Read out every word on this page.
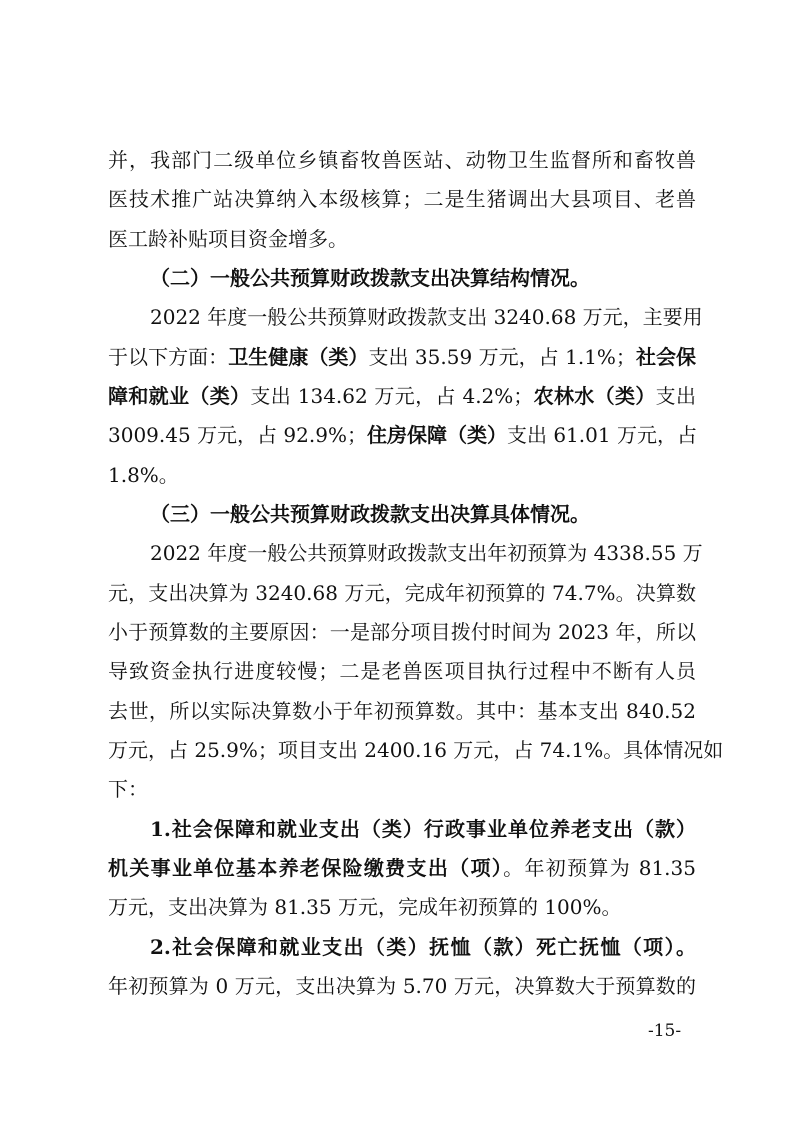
并，我部门二级单位乡镇畜牧兽医站、动物卫生监督所和畜牧兽
医技术推广站决算纳入本级核算；二是生猪调出大县项目、老兽
医工龄补贴项目资金增多。
（二）一般公共预算财政拨款支出决算结构情况。
2022 年度一般公共预算财政拨款支出 3240.68 万元，主要用
于以下方面：卫生健康（类）支出 35.59 万元，占 1.1%；社会保
障和就业（类）支出 134.62 万元，占 4.2%；农林水（类）支出
3009.45 万元，占 92.9%；住房保障（类）支出 61.01 万元，占
1.8%。
（三）一般公共预算财政拨款支出决算具体情况。
2022 年度一般公共预算财政拨款支出年初预算为 4338.55 万
元，支出决算为 3240.68 万元，完成年初预算的 74.7%。决算数
小于预算数的主要原因：一是部分项目拨付时间为 2023 年，所以
导致资金执行进度较慢；二是老兽医项目执行过程中不断有人员
去世，所以实际决算数小于年初预算数。其中：基本支出 840.52
万元，占 25.9%；项目支出 2400.16 万元，占 74.1%。具体情况如
下：
1.社会保障和就业支出（类）行政事业单位养老支出（款）
机关事业单位基本养老保险缴费支出（项）。年初预算为 81.35
万元，支出决算为 81.35 万元，完成年初预算的 100%。
2.社会保障和就业支出（类）抚恤（款）死亡抚恤（项）。
年初预算为 0 万元，支出决算为 5.70 万元，决算数大于预算数的
-15-
